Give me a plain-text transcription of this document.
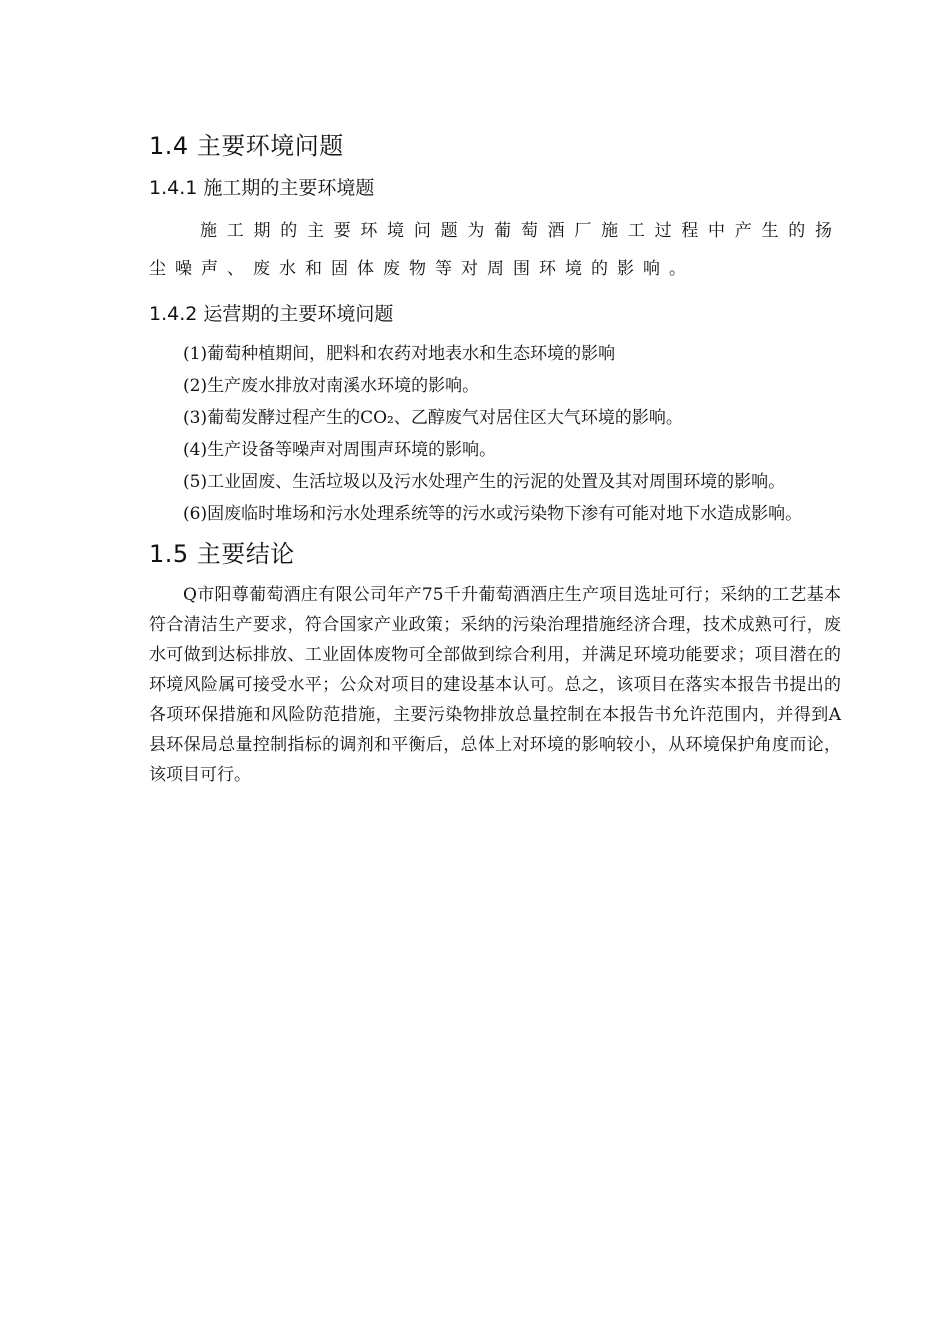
1.4 主要环境问题
1.4.1 施工期的主要环境题

施工期的主要环境问题为葡萄酒厂施工过程中产生的扬尘噪声、废水和固体废物等对周围环境的影响。

1.4.2 运营期的主要环境问题

(1)葡萄种植期间，肥料和农药对地表水和生态环境的影响

(2)生产废水排放对南溪水环境的影响。

(3)葡萄发酵过程产生的CO₂、乙醇废气对居住区大气环境的影响。

(4)生产设备等噪声对周围声环境的影响。

(5)工业固废、生活垃圾以及污水处理产生的污泥的处置及其对周围环境的影响。

(6)固废临时堆场和污水处理系统等的污水或污染物下渗有可能对地下水造成影响。

1.5 主要结论

Q市阳尊葡萄酒庄有限公司年产75千升葡萄酒酒庄生产项目选址可行；采纳的工艺基本符合清洁生产要求，符合国家产业政策；采纳的污染治理措施经济合理，技术成熟可行，废水可做到达标排放、工业固体废物可全部做到综合利用，并满足环境功能要求；项目潜在的环境风险属可接受水平；公众对项目的建设基本认可。总之，该项目在落实本报告书提出的各项环保措施和风险防范措施，主要污染物排放总量控制在本报告书允许范围内，并得到A县环保局总量控制指标的调剂和平衡后，总体上对环境的影响较小，从环境保护角度而论，该项目可行。
